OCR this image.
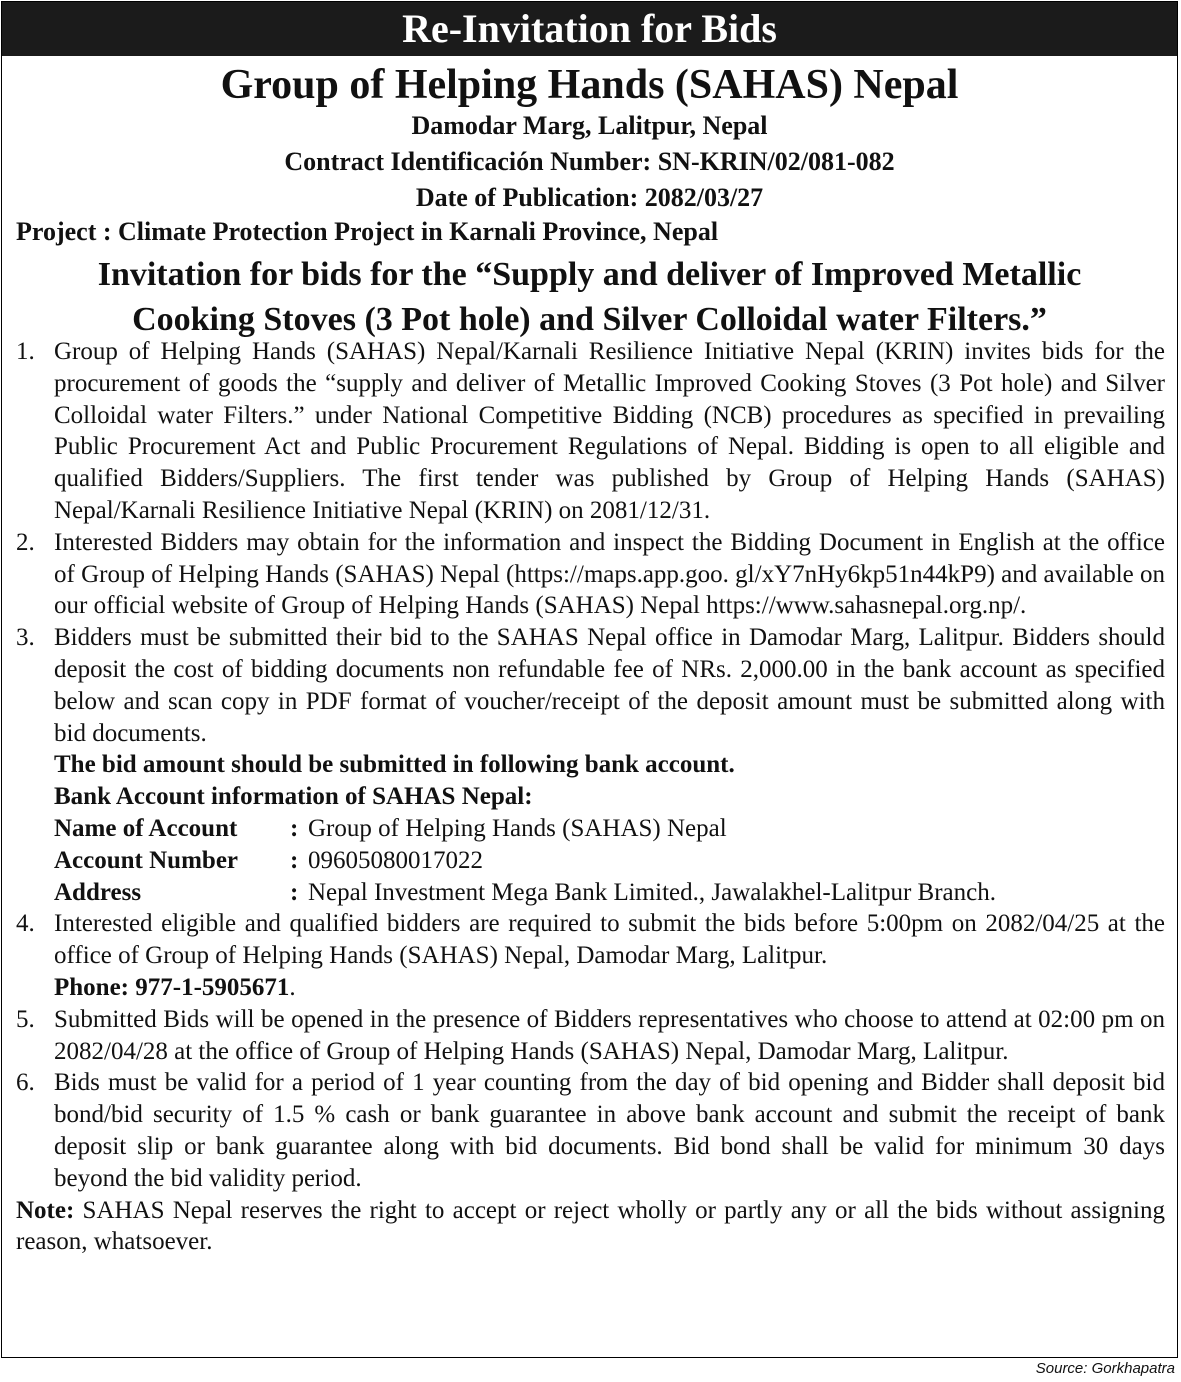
Re-Invitation for Bids
Group of Helping Hands (SAHAS) Nepal
Damodar Marg, Lalitpur, Nepal
Contract Identificación Number: SN-KRIN/02/081-082
Date of Publication: 2082/03/27
Project : Climate Protection Project in Karnali Province, Nepal
Invitation for bids for the “Supply and deliver of Improved Metallic
Cooking Stoves (3 Pot hole) and Silver Colloidal water Filters.”
1. Group of Helping Hands (SAHAS) Nepal/Karnali Resilience Initiative Nepal (KRIN) invites bids for the procurement of goods the “supply and deliver of Metallic Improved Cooking Stoves (3 Pot hole) and Silver Colloidal water Filters.” under National Competitive Bidding (NCB) procedures as specified in prevailing Public Procurement Act and Public Procurement Regulations of Nepal. Bidding is open to all eligible and qualified Bidders/Suppliers. The first tender was published by Group of Helping Hands (SAHAS) Nepal/Karnali Resilience Initiative Nepal (KRIN) on 2081/12/31.
2. Interested Bidders may obtain for the information and inspect the Bidding Document in English at the office of Group of Helping Hands (SAHAS) Nepal (https://maps.app.goo. gl/xY7nHy6kp51n44kP9) and available on our official website of Group of Helping Hands (SAHAS) Nepal https://www.sahasnepal.org.np/.
3. Bidders must be submitted their bid to the SAHAS Nepal office in Damodar Marg, Lalitpur. Bidders should deposit the cost of bidding documents non refundable fee of NRs. 2,000.00 in the bank account as specified below and scan copy in PDF format of voucher/receipt of the deposit amount must be submitted along with bid documents.
The bid amount should be submitted in following bank account.
Bank Account information of SAHAS Nepal:
Name of Account	: Group of Helping Hands (SAHAS) Nepal
Account Number	: 09605080017022
Address	: Nepal Investment Mega Bank Limited., Jawalakhel-Lalitpur Branch.
4. Interested eligible and qualified bidders are required to submit the bids before 5:00pm on 2082/04/25 at the office of Group of Helping Hands (SAHAS) Nepal, Damodar Marg, Lalitpur.
Phone: 977-1-5905671.
5. Submitted Bids will be opened in the presence of Bidders representatives who choose to attend at 02:00 pm on 2082/04/28 at the office of Group of Helping Hands (SAHAS) Nepal, Damodar Marg, Lalitpur.
6. Bids must be valid for a period of 1 year counting from the day of bid opening and Bidder shall deposit bid bond/bid security of 1.5 % cash or bank guarantee in above bank account and submit the receipt of bank deposit slip or bank guarantee along with bid documents. Bid bond shall be valid for minimum 30 days beyond the bid validity period.
Note: SAHAS Nepal reserves the right to accept or reject wholly or partly any or all the bids without assigning reason, whatsoever.
Source: Gorkhapatra
